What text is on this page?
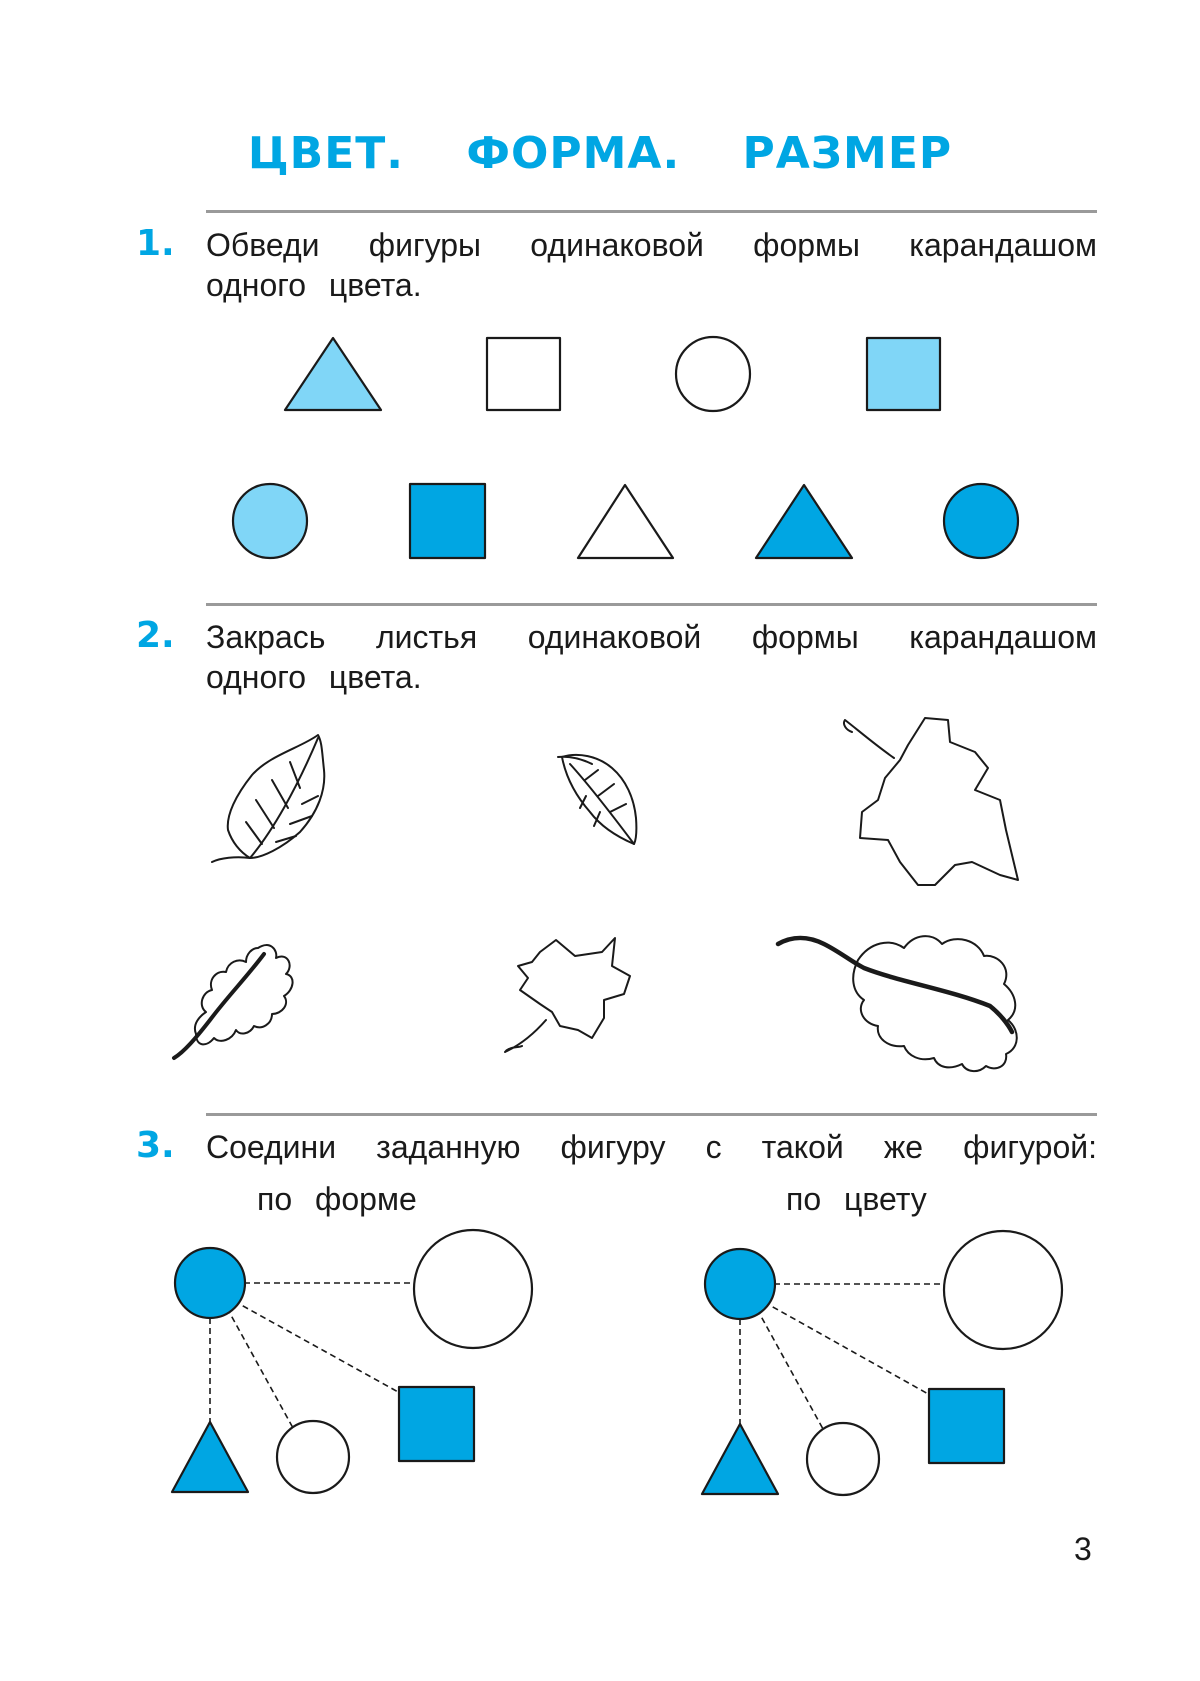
ЦВЕТ. ФОРМА. РАЗМЕР
1. Обведи фигуры одинаковой формы карандашом
одного цвета.
2. Закрась листья одинаковой формы карандашом
одного цвета.
3. Соедини заданную фигуру с такой же фигурой:
по форме	по цвету
3
